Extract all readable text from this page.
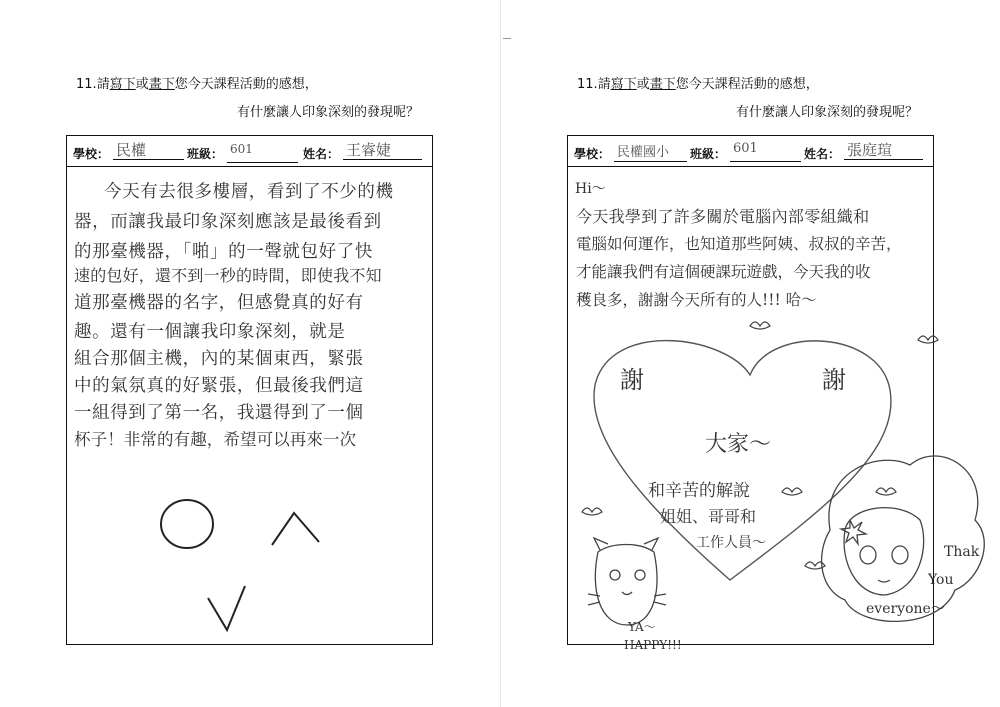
11.請寫下或畫下您今天課程活動的感想，
有什麼讓人印象深刻的發現呢？
學校： 民權	班級： 601	姓名： 王睿婕
今天有去很多樓層，看到了不少的機
器，而讓我最印象深刻應該是最後看到
的那臺機器，「啪」的一聲就包好了快
速的包好，還不到一秒的時間，即使我不知
道那臺機器的名字，但感覺真的好有
趣。還有一個讓我印象深刻，就是
組合那個主機，內的某個東西，緊張
中的氣氛真的好緊張，但最後我們這
一組得到了第一名，我還得到了一個
杯子！非常的有趣，希望可以再來一次
11.請寫下或畫下您今天課程活動的感想，
有什麼讓人印象深刻的發現呢？
學校： 民權國小	班級： 601	姓名： 張庭瑄
Hi～
今天我學到了許多關於電腦內部零組織和
電腦如何運作，也知道那些阿姨、叔叔的辛苦，
才能讓我們有這個硬課玩遊戲，今天我的收
穫良多，謝謝今天所有的人!!! 哈～
謝	謝
大家～
和辛苦的解說
姐姐、哥哥和
工作人員～
YA～
HAPPY!!!
Thak
You
everyone～
